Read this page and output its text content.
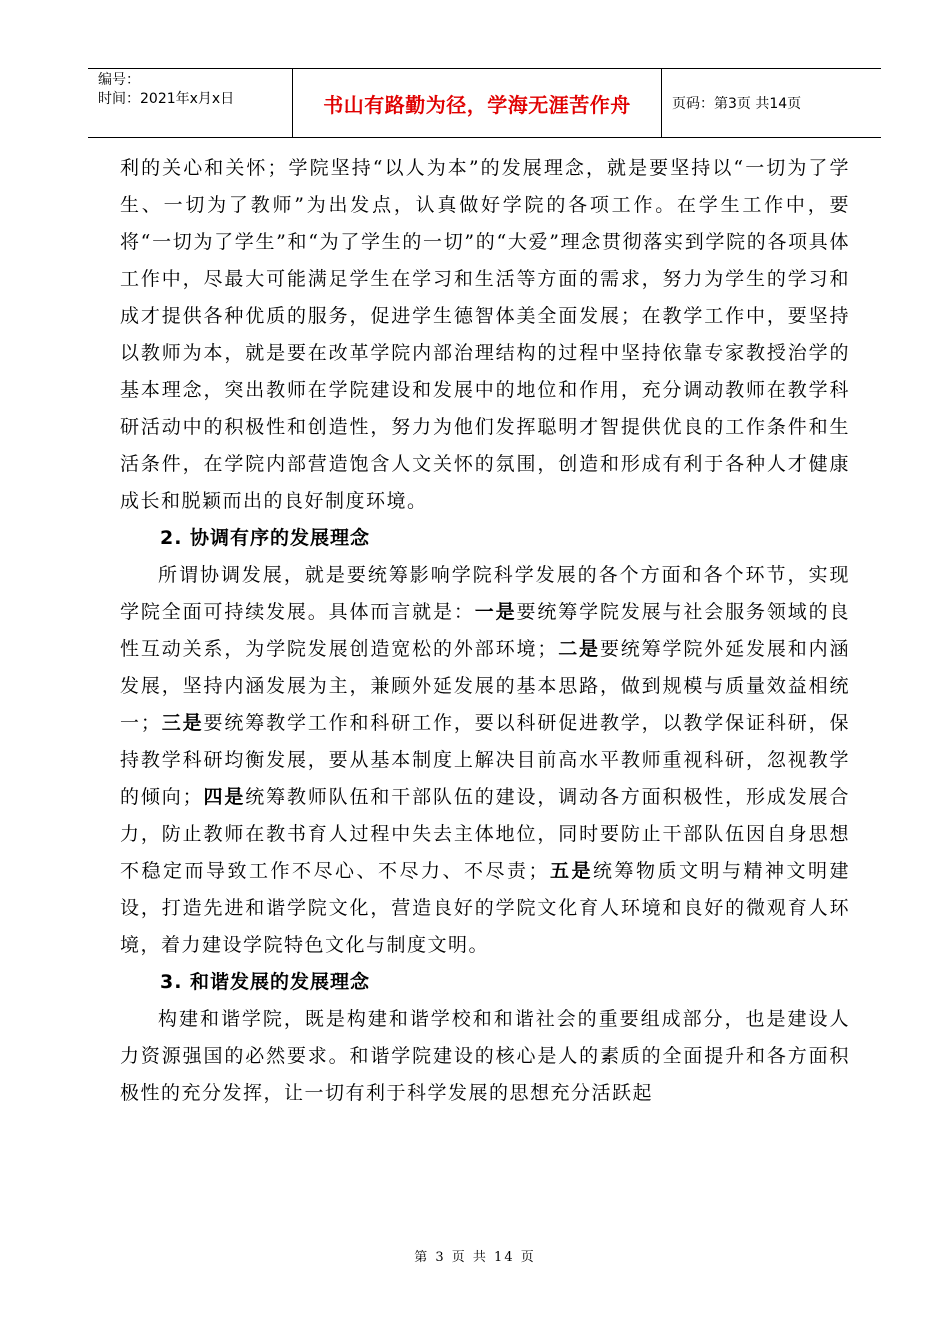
编号：
时间：2021年x月x日	书山有路勤为径，学海无涯苦作舟	页码：第3页 共14页

利的关心和关怀；学院坚持“以人为本”的发展理念，就是要坚持以“一切为了学生、一切为了教师”为出发点，认真做好学院的各项工作。在学生工作中，要将“一切为了学生”和“为了学生的一切”的“大爱”理念贯彻落实到学院的各项具体工作中，尽最大可能满足学生在学习和生活等方面的需求，努力为学生的学习和成才提供各种优质的服务，促进学生德智体美全面发展；在教学工作中，要坚持以教师为本，就是要在改革学院内部治理结构的过程中坚持依靠专家教授治学的基本理念，突出教师在学院建设和发展中的地位和作用，充分调动教师在教学科研活动中的积极性和创造性，努力为他们发挥聪明才智提供优良的工作条件和生活条件，在学院内部营造饱含人文关怀的氛围，创造和形成有利于各种人才健康成长和脱颖而出的良好制度环境。

2. 协调有序的发展理念

所谓协调发展，就是要统筹影响学院科学发展的各个方面和各个环节，实现学院全面可持续发展。具体而言就是：一是要统筹学院发展与社会服务领域的良性互动关系，为学院发展创造宽松的外部环境；二是要统筹学院外延发展和内涵发展，坚持内涵发展为主，兼顾外延发展的基本思路，做到规模与质量效益相统一；三是要统筹教学工作和科研工作，要以科研促进教学，以教学保证科研，保持教学科研均衡发展，要从基本制度上解决目前高水平教师重视科研，忽视教学的倾向；四是统筹教师队伍和干部队伍的建设，调动各方面积极性，形成发展合力，防止教师在教书育人过程中失去主体地位，同时要防止干部队伍因自身思想不稳定而导致工作不尽心、不尽力、不尽责；五是统筹物质文明与精神文明建设，打造先进和谐学院文化，营造良好的学院文化育人环境和良好的微观育人环境，着力建设学院特色文化与制度文明。

3. 和谐发展的发展理念

构建和谐学院，既是构建和谐学校和和谐社会的重要组成部分，也是建设人力资源强国的必然要求。和谐学院建设的核心是人的素质的全面提升和各方面积极性的充分发挥，让一切有利于科学发展的思想充分活跃起

第 3 页 共 14 页
